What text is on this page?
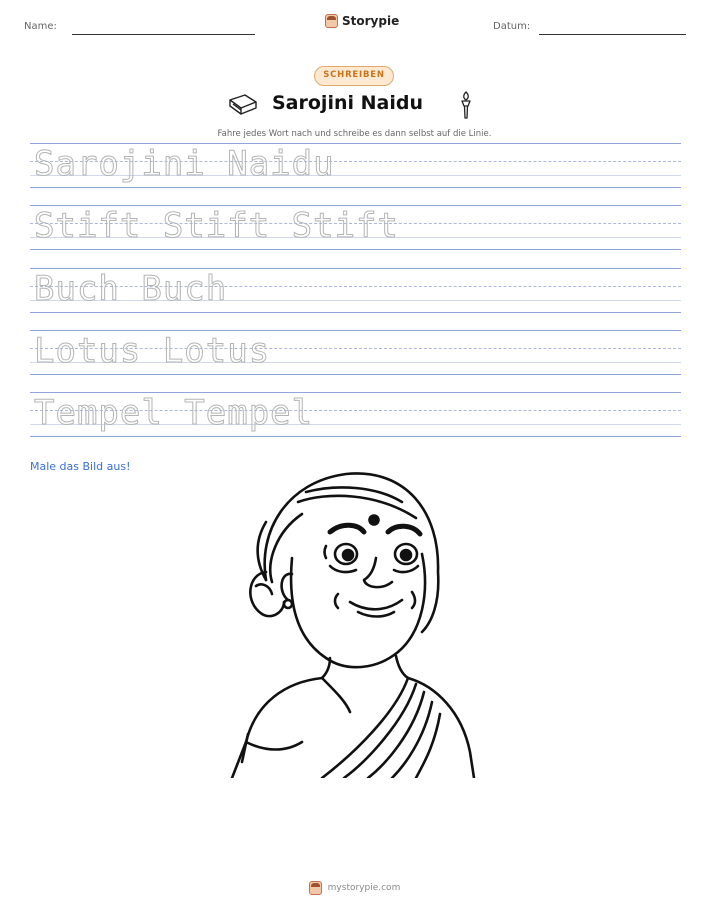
Name:	Storypie	Datum:
SCHREIBEN
Sarojini Naidu
Fahre jedes Wort nach und schreibe es dann selbst auf die Linie.
Sarojini Naidu
Stift Stift Stift
Buch Buch
Lotus Lotus
Tempel Tempel
Male das Bild aus!
mystorypie.com
